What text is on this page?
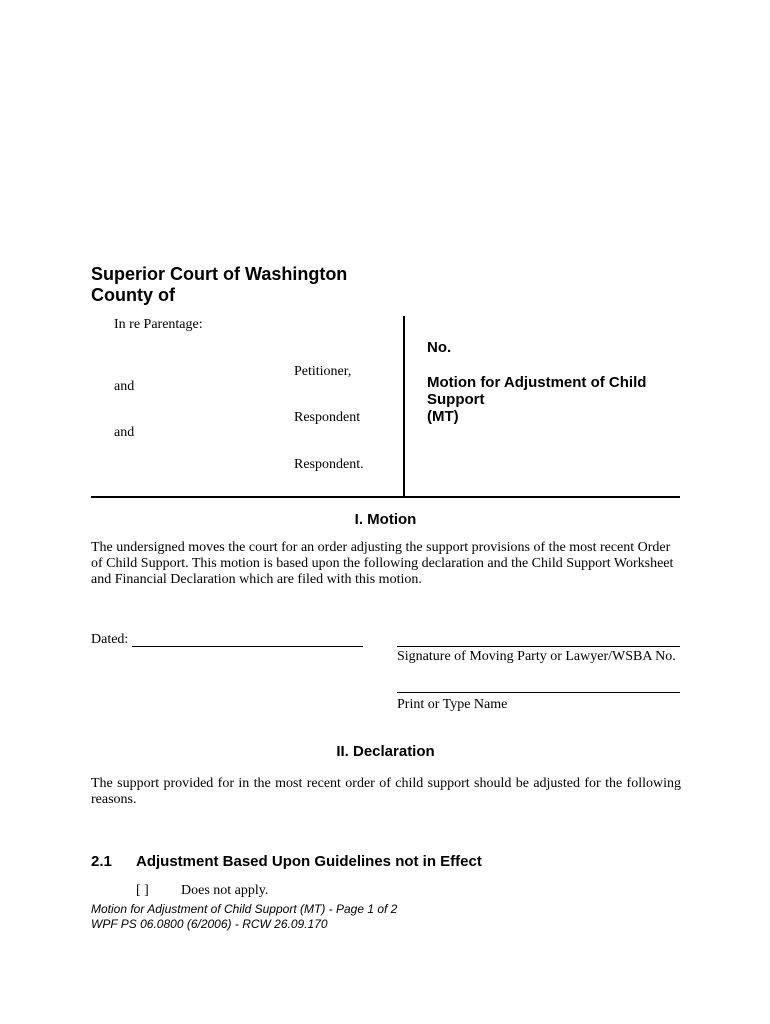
Superior Court of Washington
County of
In re Parentage:
Petitioner,
and
Respondent
and
Respondent.
No.
Motion for Adjustment of Child
Support
(MT)
I. Motion
The undersigned moves the court for an order adjusting the support provisions of the most recent Order
of Child Support. This motion is based upon the following declaration and the Child Support Worksheet
and Financial Declaration which are filed with this motion.
Dated:
Signature of Moving Party or Lawyer/WSBA No.
Print or Type Name
II. Declaration
The support provided for in the most recent order of child support should be adjusted for the following reasons.
2.1 Adjustment Based Upon Guidelines not in Effect
[ ] Does not apply.
Motion for Adjustment of Child Support (MT) - Page 1 of 2
WPF PS 06.0800 (6/2006) - RCW 26.09.170
